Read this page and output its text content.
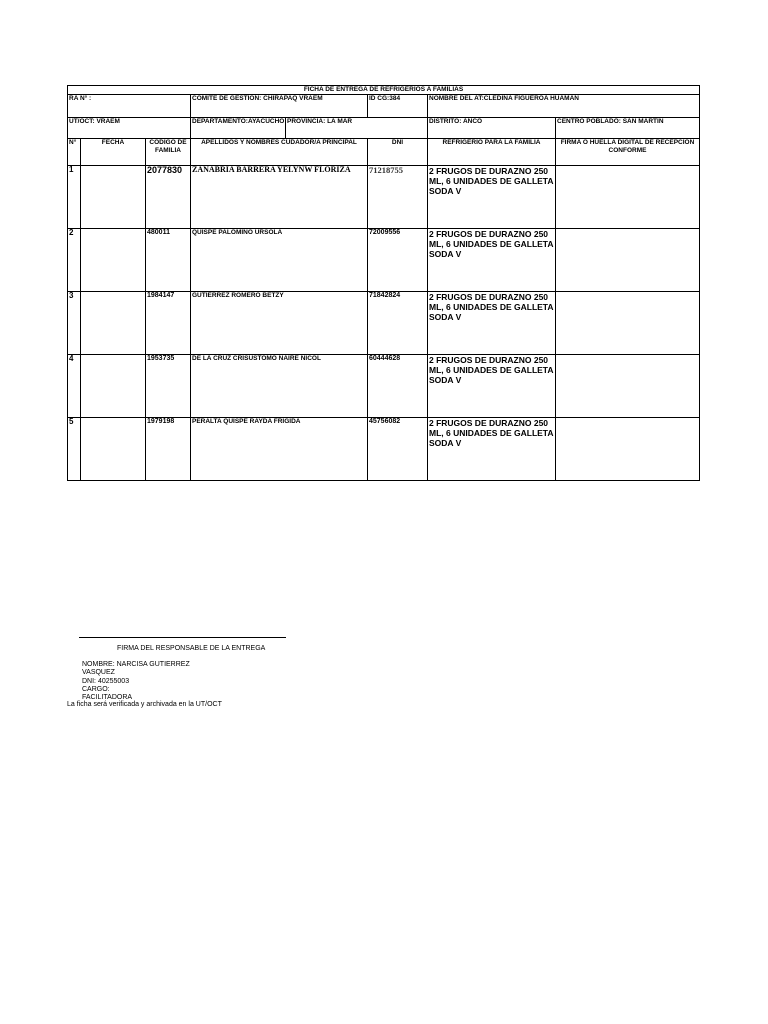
FICHA DE ENTREGA DE REFRIGERIOS A FAMILIAS							
RA N° :			COMITE DE GESTIÓN: CHIRAPAQ VRAEM		ID CG:384	NOMBRE DEL AT:CLEDINA FIGUEROA HUAMAN	
UT/OCT: VRAEM			DEPARTAMENTO:AYACUCHO	PROVINCIA: LA MAR		DISTRITO: ANCO	CENTRO POBLADO: SAN MARTIN
N°	FECHA	CÓDIGO DE FAMILIA	APELLIDOS Y NOMBRES CUDADOR/A PRINCIPAL		DNI	REFRIGERIO PARA LA FAMILIA	FIRMA O HUELLA DIGITAL DE RECEPCIÓN CONFORME
1		2077830	ZANABRIA BARRERA YELYNW FLORIZA		71218755	2 FRUGOS DE DURAZNO 250 ML, 6 UNIDADES DE GALLETA SODA V	
2		480011	QUISPE PALOMINO URSOLA		72009556	2 FRUGOS DE DURAZNO 250 ML, 6 UNIDADES DE GALLETA SODA V	
3		1984147	GUTIERREZ ROMERO BETZY		71842824	2 FRUGOS DE DURAZNO 250 ML, 6 UNIDADES DE GALLETA SODA V	
4		1953735	DE LA CRUZ CRISUSTOMO NAIRE NICOL		60444628	2 FRUGOS DE DURAZNO 250 ML, 6 UNIDADES DE GALLETA SODA V	
5		1979198	PERALTA QUISPE RAYDA FRIGIDA		45756082	2 FRUGOS DE DURAZNO 250 ML, 6 UNIDADES DE GALLETA SODA V	
FIRMA DEL RESPONSABLE DE LA ENTREGA
NOMBRE: NARCISA GUTIERREZ
VASQUEZ
DNI: 40255003
CARGO:
FACILITADORA
La ficha será verificada y archivada en la UT/OCT
